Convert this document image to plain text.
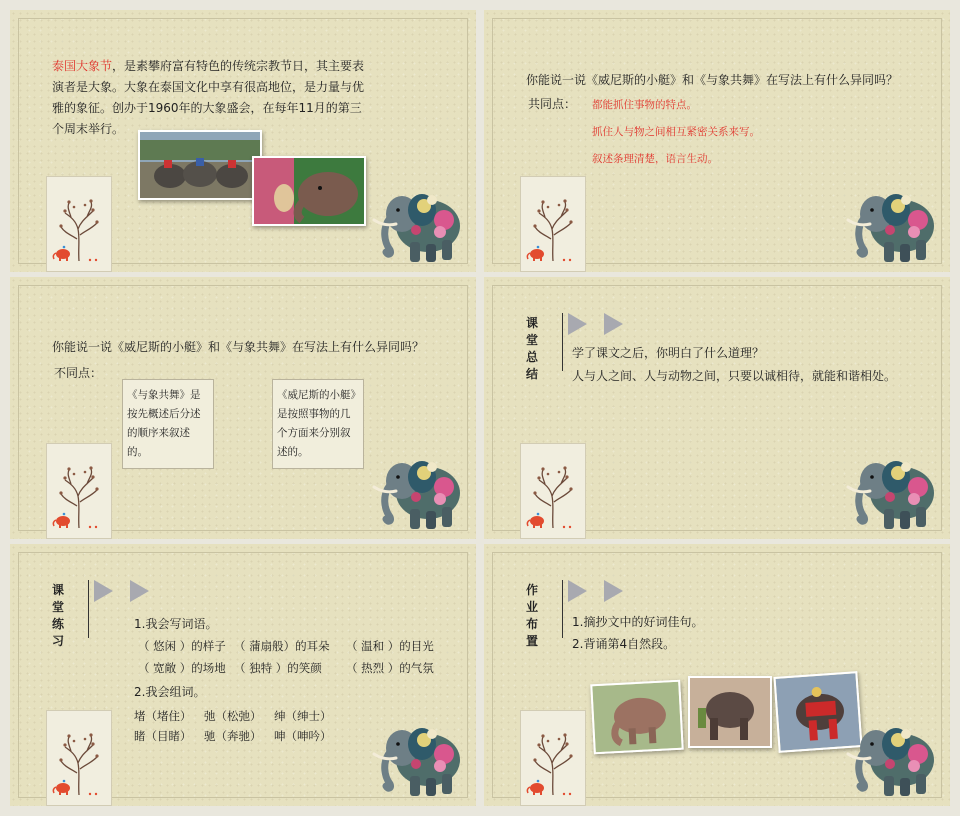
泰国大象节，是素攀府富有特色的传统宗教节日，其主要表演者是大象。大象在泰国文化中享有很高地位，是力量与优雅的象征。创办于1960年的大象盛会，在每年11月的第三个周末举行。
你能说一说《威尼斯的小艇》和《与象共舞》在写法上有什么异同吗？
共同点： 都能抓住事物的特点。
抓住人与物之间相互紧密关系来写。
叙述条理清楚，语言生动。
你能说一说《威尼斯的小艇》和《与象共舞》在写法上有什么异同吗？
不同点：
《与象共舞》是按先概述后分述的顺序来叙述的。
《威尼斯的小艇》是按照事物的几个方面来分别叙述的。
课堂总结
学了课文之后，你明白了什么道理？
人与人之间、人与动物之间，只要以诚相待，就能和谐相处。
课堂练习
1.我会写词语。
（ 悠闲 ）的样子 （ 蒲扇般）的耳朵 （ 温和 ）的目光
（ 宽敞 ）的场地 （ 独特 ）的笑颜 （ 热烈 ）的气氛
2.我会组词。
堵（堵住） 弛（松弛） 绅（绅士）
睹（目睹） 驰（奔驰） 呻（呻吟）
作业布置
1.摘抄文中的好词佳句。
2.背诵第4自然段。
